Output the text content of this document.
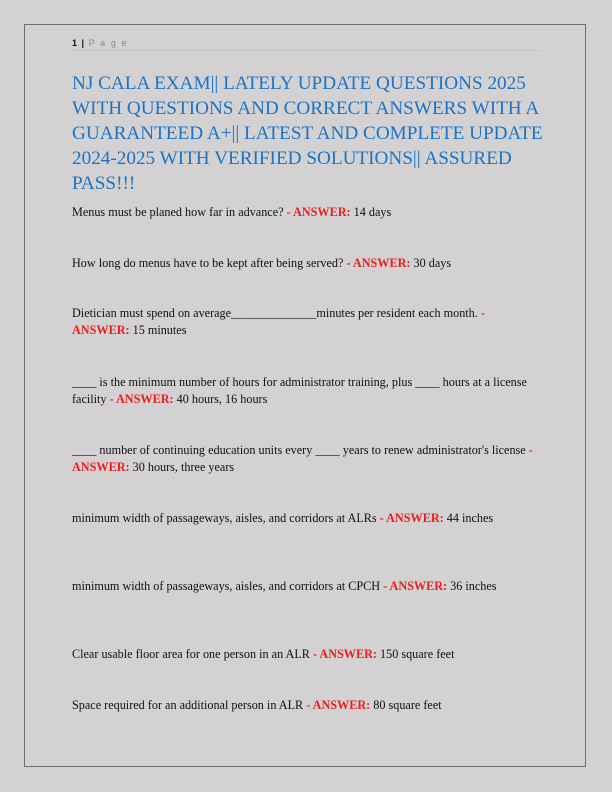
1 | P a g e
NJ CALA EXAM|| LATELY UPDATE QUESTIONS 2025 WITH QUESTIONS AND CORRECT ANSWERS WITH A GUARANTEED A+|| LATEST AND COMPLETE UPDATE 2024-2025 WITH VERIFIED SOLUTIONS|| ASSURED PASS!!!
Menus must be planed how far in advance? - ANSWER: 14 days
How long do menus have to be kept after being served? - ANSWER: 30 days
Dietician must spend on average______________minutes per resident each month. - ANSWER: 15 minutes
____ is the minimum number of hours for administrator training, plus ____ hours at a license facility - ANSWER: 40 hours, 16 hours
____ number of continuing education units every ____ years to renew administrator's license - ANSWER: 30 hours, three years
minimum width of passageways, aisles, and corridors at ALRs - ANSWER: 44 inches
minimum width of passageways, aisles, and corridors at CPCH - ANSWER: 36 inches
Clear usable floor area for one person in an ALR - ANSWER: 150 square feet
Space required for an additional person in ALR - ANSWER: 80 square feet
